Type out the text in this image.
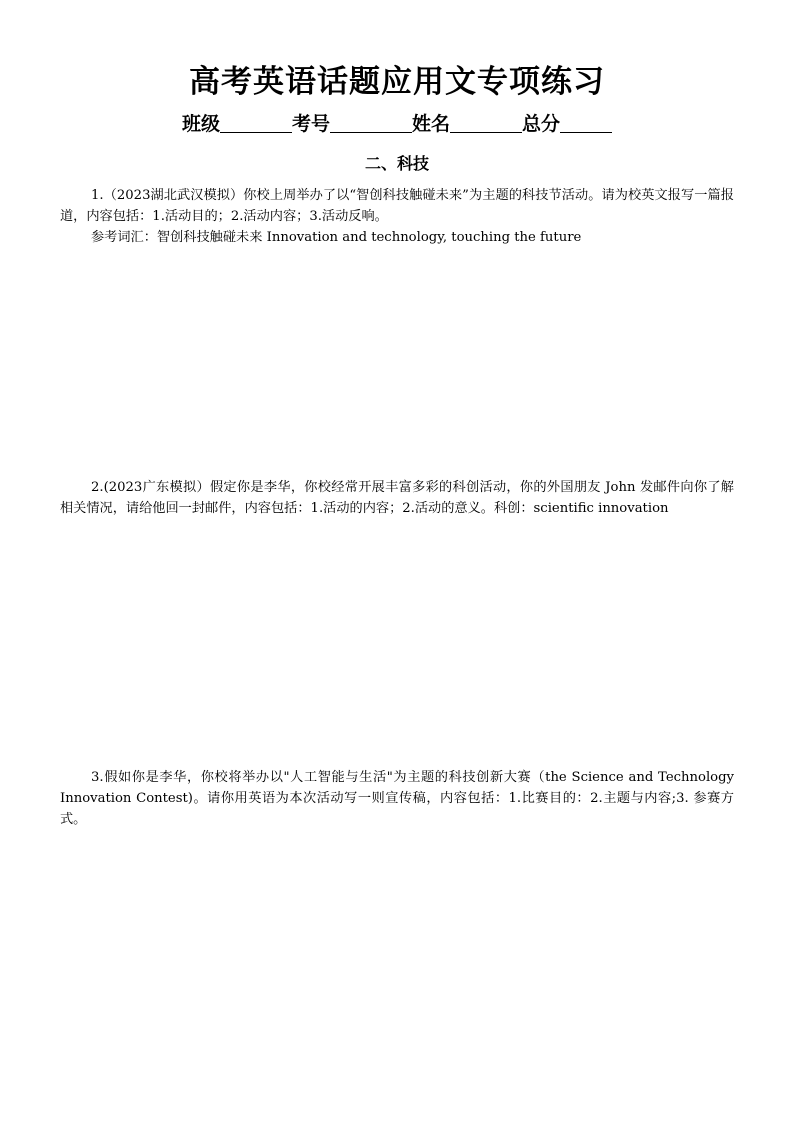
高考英语话题应用文专项练习
班级	考号	姓名	总分
二、科技

1.（2023湖北武汉模拟）你校上周举办了以“智创科技触碰未来”为主题的科技节活动。请为校英文报写一篇报道，内容包括：1.活动目的；2.活动内容；3.活动反响。

参考词汇：智创科技触碰未来 Innovation and technology, touching the future

2.(2023广东模拟）假定你是李华，你校经常开展丰富多彩的科创活动，你的外国朋友 John 发邮件向你了解相关情况，请给他回一封邮件，内容包括：1.活动的内容；2.活动的意义。科创：scientific innovation

3.假如你是李华，你校将举办以"人工智能与生活"为主题的科技创新大赛（the Science and Technology Innovation Contest)。请你用英语为本次活动写一则宣传稿，内容包括：1.比赛目的：2.主题与内容;3. 参赛方式。
